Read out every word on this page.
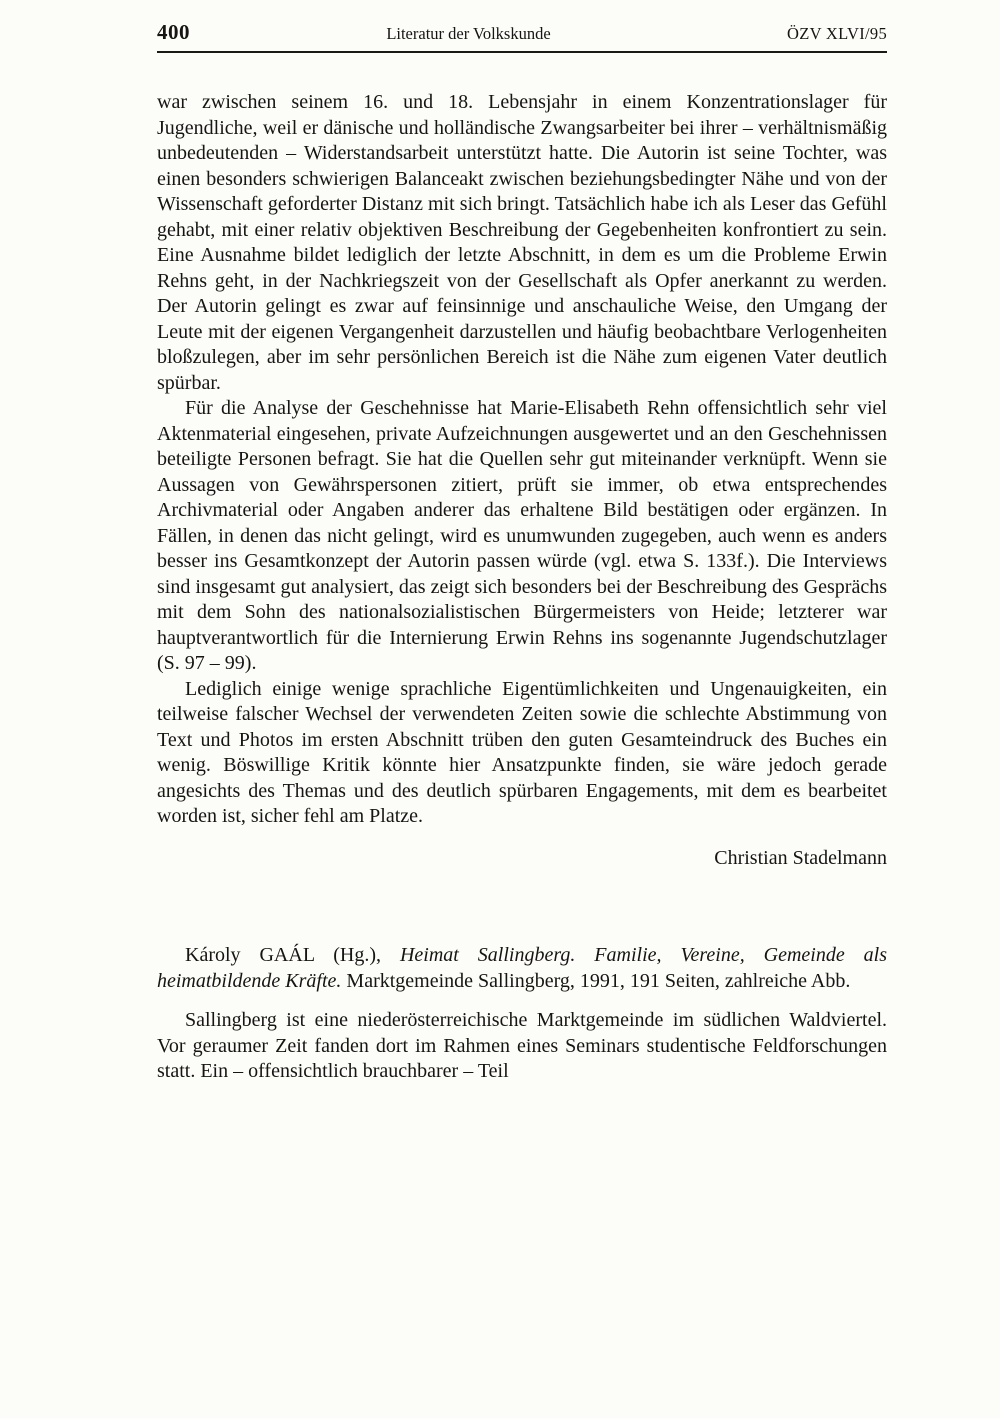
400	Literatur der Volkskunde	ÖZV XLVI/95

war zwischen seinem 16. und 18. Lebensjahr in einem Konzentrationslager für Jugendliche, weil er dänische und holländische Zwangsarbeiter bei ihrer – verhältnismäßig unbedeutenden – Widerstandsarbeit unterstützt hatte. Die Autorin ist seine Tochter, was einen besonders schwierigen Balanceakt zwischen beziehungsbedingter Nähe und von der Wissenschaft geforderter Distanz mit sich bringt. Tatsächlich habe ich als Leser das Gefühl gehabt, mit einer relativ objektiven Beschreibung der Gegebenheiten konfrontiert zu sein. Eine Ausnahme bildet lediglich der letzte Abschnitt, in dem es um die Probleme Erwin Rehns geht, in der Nachkriegszeit von der Gesellschaft als Opfer anerkannt zu werden. Der Autorin gelingt es zwar auf feinsinnige und anschauliche Weise, den Umgang der Leute mit der eigenen Vergangenheit darzustellen und häufig beobachtbare Verlogenheiten bloßzulegen, aber im sehr persönlichen Bereich ist die Nähe zum eigenen Vater deutlich spürbar.

Für die Analyse der Geschehnisse hat Marie-Elisabeth Rehn offensichtlich sehr viel Aktenmaterial eingesehen, private Aufzeichnungen ausgewertet und an den Geschehnissen beteiligte Personen befragt. Sie hat die Quellen sehr gut miteinander verknüpft. Wenn sie Aussagen von Gewährspersonen zitiert, prüft sie immer, ob etwa entsprechendes Archivmaterial oder Angaben anderer das erhaltene Bild bestätigen oder ergänzen. In Fällen, in denen das nicht gelingt, wird es unumwunden zugegeben, auch wenn es anders besser ins Gesamtkonzept der Autorin passen würde (vgl. etwa S. 133f.). Die Interviews sind insgesamt gut analysiert, das zeigt sich besonders bei der Beschreibung des Gesprächs mit dem Sohn des nationalsozialistischen Bürgermeisters von Heide; letzterer war hauptverantwortlich für die Internierung Erwin Rehns ins sogenannte Jugendschutzlager (S. 97 – 99).

Lediglich einige wenige sprachliche Eigentümlichkeiten und Ungenauigkeiten, ein teilweise falscher Wechsel der verwendeten Zeiten sowie die schlechte Abstimmung von Text und Photos im ersten Abschnitt trüben den guten Gesamteindruck des Buches ein wenig. Böswillige Kritik könnte hier Ansatzpunkte finden, sie wäre jedoch gerade angesichts des Themas und des deutlich spürbaren Engagements, mit dem es bearbeitet worden ist, sicher fehl am Platze.

Christian Stadelmann

Károly GAÁL (Hg.), Heimat Sallingberg. Familie, Vereine, Gemeinde als heimatbildende Kräfte. Marktgemeinde Sallingberg, 1991, 191 Seiten, zahlreiche Abb.

Sallingberg ist eine niederösterreichische Marktgemeinde im südlichen Waldviertel. Vor geraumer Zeit fanden dort im Rahmen eines Seminars studentische Feldforschungen statt. Ein – offensichtlich brauchbarer – Teil
